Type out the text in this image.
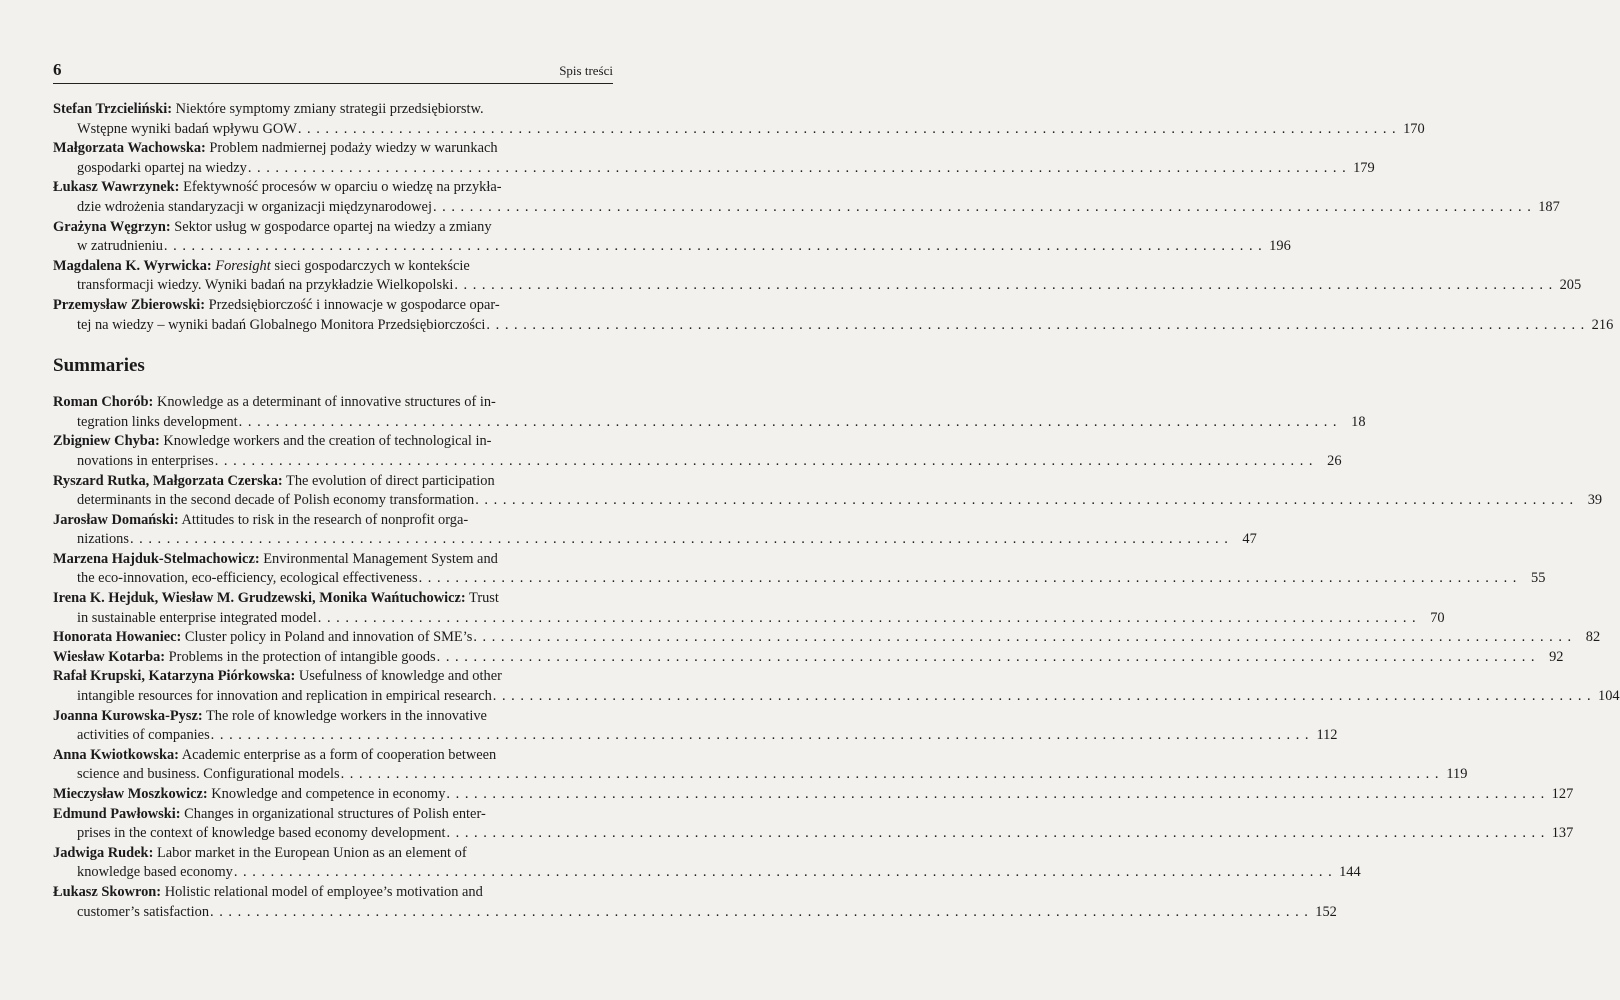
6	Spis treści
Stefan Trzcieliński: Niektóre symptomy zmiany strategii przedsiębiorstw.
Wstępne wyniki badań wpływu GOW . . . . . . . . . . . . . . . . . . . . . . . . . . . . . . . . . . . . . . . . . . . . . . . . . . . . . . . . . . . . . . . . . . . . . . . . . . . . . . . . . . . . . . . . . . . . . . . . . . . . . . . . . . . . . . . . . . . . . . . . 170
Małgorzata Wachowska: Problem nadmiernej podaży wiedzy w warunkach
gospodarki opartej na wiedzy . . . . . . . . . . . . . . . . . . . . . . . . . . . . . . . . . . . . . . . . . . . . . . . . . . . . . . . . . . . . . . . . . . . . . . . . . . . . . . . . . . . . . . . . . . . . . . . . . . . . . . . . . . . . . . . . . . . . . . . . 179
Łukasz Wawrzynek: Efektywność procesów w oparciu o wiedzę na przykła-
dzie wdrożenia standaryzacji w organizacji międzynarodowej . . . . . . . . . . . . . . . . . . . . . . . . . . . . . . . . . . . . . . . . . . . . . . . . . . . . . . . . . . . . . . . . . . . . . . . . . . . . . . . . . . . . . . . . . . . . . . . . . . . . . . . . . . . . . . . . . . . . . . . . 187
Grażyna Węgrzyn: Sektor usług w gospodarce opartej na wiedzy a zmiany
w zatrudnieniu . . . . . . . . . . . . . . . . . . . . . . . . . . . . . . . . . . . . . . . . . . . . . . . . . . . . . . . . . . . . . . . . . . . . . . . . . . . . . . . . . . . . . . . . . . . . . . . . . . . . . . . . . . . . . . . . . . . . . . . . 196
Magdalena K. Wyrwicka: Foresight sieci gospodarczych w kontekście
transformacji wiedzy. Wyniki badań na przykładzie Wielkopolski . . . . . . . . . . . . . . . . . . . . . . . . . . . . . . . . . . . . . . . . . . . . . . . . . . . . . . . . . . . . . . . . . . . . . . . . . . . . . . . . . . . . . . . . . . . . . . . . . . . . . . . . . . . . . . . . . . . . . . . . 205
Przemysław Zbierowski: Przedsiębiorczość i innowacje w gospodarce opar-
tej na wiedzy – wyniki badań Globalnego Monitora Przedsiębiorczości . . . . . . . . . . . . . . . . . . . . . . . . . . . . . . . . . . . . . . . . . . . . . . . . . . . . . . . . . . . . . . . . . . . . . . . . . . . . . . . . . . . . . . . . . . . . . . . . . . . . . . . . . . . . . . . . . . . . . . . . 216
Summaries
Roman Chorób: Knowledge as a determinant of innovative structures of in-
tegration links development . . . . . . . . . . . . . . . . . . . . . . . . . . . . . . . . . . . . . . . . . . . . . . . . . . . . . . . . . . . . . . . . . . . . . . . . . . . . . . . . . . . . . . . . . . . . . . . . . . . . . . . . . . . . . . . . . . . . . . . . 18
Zbigniew Chyba: Knowledge workers and the creation of technological in-
novations in enterprises . . . . . . . . . . . . . . . . . . . . . . . . . . . . . . . . . . . . . . . . . . . . . . . . . . . . . . . . . . . . . . . . . . . . . . . . . . . . . . . . . . . . . . . . . . . . . . . . . . . . . . . . . . . . . . . . . . . . . . . . 26
Ryszard Rutka, Małgorzata Czerska: The evolution of direct participation
determinants in the second decade of Polish economy transformation . . . . . . . . . . . . . . . . . . . . . . . . . . . . . . . . . . . . . . . . . . . . . . . . . . . . . . . . . . . . . . . . . . . . . . . . . . . . . . . . . . . . . . . . . . . . . . . . . . . . . . . . . . . . . . . . . . . . . . . . 39
Jarosław Domański: Attitudes to risk in the research of nonprofit orga-
nizations . . . . . . . . . . . . . . . . . . . . . . . . . . . . . . . . . . . . . . . . . . . . . . . . . . . . . . . . . . . . . . . . . . . . . . . . . . . . . . . . . . . . . . . . . . . . . . . . . . . . . . . . . . . . . . . . . . . . . . . . 47
Marzena Hajduk-Stelmachowicz: Environmental Management System and
the eco-innovation, eco-efficiency, ecological effectiveness . . . . . . . . . . . . . . . . . . . . . . . . . . . . . . . . . . . . . . . . . . . . . . . . . . . . . . . . . . . . . . . . . . . . . . . . . . . . . . . . . . . . . . . . . . . . . . . . . . . . . . . . . . . . . . . . . . . . . . . . 55
Irena K. Hejduk, Wiesław M. Grudzewski, Monika Wańtuchowicz: Trust
in sustainable enterprise integrated model . . . . . . . . . . . . . . . . . . . . . . . . . . . . . . . . . . . . . . . . . . . . . . . . . . . . . . . . . . . . . . . . . . . . . . . . . . . . . . . . . . . . . . . . . . . . . . . . . . . . . . . . . . . . . . . . . . . . . . . . 70
Honorata Howaniec: Cluster policy in Poland and innovation of SME’s . . . . . . . . . . . . . . . . . . . . . . . . . . . . . . . . . . . . . . . . . . . . . . . . . . . . . . . . . . . . . . . . . . . . . . . . . . . . . . . . . . . . . . . . . . . . . . . . . . . . . . . . . . . . . . . . . . . . . . . . 82
Wiesław Kotarba: Problems in the protection of intangible goods . . . . . . . . . . . . . . . . . . . . . . . . . . . . . . . . . . . . . . . . . . . . . . . . . . . . . . . . . . . . . . . . . . . . . . . . . . . . . . . . . . . . . . . . . . . . . . . . . . . . . . . . . . . . . . . . . . . . . . . . 92
Rafał Krupski, Katarzyna Piórkowska: Usefulness of knowledge and other
intangible resources for innovation and replication in empirical research . . . . . . . . . . . . . . . . . . . . . . . . . . . . . . . . . . . . . . . . . . . . . . . . . . . . . . . . . . . . . . . . . . . . . . . . . . . . . . . . . . . . . . . . . . . . . . . . . . . . . . . . . . . . . . . . . . . . . . . . 104
Joanna Kurowska-Pysz: The role of knowledge workers in the innovative
activities of companies . . . . . . . . . . . . . . . . . . . . . . . . . . . . . . . . . . . . . . . . . . . . . . . . . . . . . . . . . . . . . . . . . . . . . . . . . . . . . . . . . . . . . . . . . . . . . . . . . . . . . . . . . . . . . . . . . . . . . . . . 112
Anna Kwiotkowska: Academic enterprise as a form of cooperation between
science and business. Configurational models . . . . . . . . . . . . . . . . . . . . . . . . . . . . . . . . . . . . . . . . . . . . . . . . . . . . . . . . . . . . . . . . . . . . . . . . . . . . . . . . . . . . . . . . . . . . . . . . . . . . . . . . . . . . . . . . . . . . . . . . 119
Mieczysław Moszkowicz: Knowledge and competence in economy . . . . . . . . . . . . . . . . . . . . . . . . . . . . . . . . . . . . . . . . . . . . . . . . . . . . . . . . . . . . . . . . . . . . . . . . . . . . . . . . . . . . . . . . . . . . . . . . . . . . . . . . . . . . . . . . . . . . . . . . 127
Edmund Pawłowski: Changes in organizational structures of Polish enter-
prises in the context of knowledge based economy development . . . . . . . . . . . . . . . . . . . . . . . . . . . . . . . . . . . . . . . . . . . . . . . . . . . . . . . . . . . . . . . . . . . . . . . . . . . . . . . . . . . . . . . . . . . . . . . . . . . . . . . . . . . . . . . . . . . . . . . . 137
Jadwiga Rudek: Labor market in the European Union as an element of
knowledge based economy . . . . . . . . . . . . . . . . . . . . . . . . . . . . . . . . . . . . . . . . . . . . . . . . . . . . . . . . . . . . . . . . . . . . . . . . . . . . . . . . . . . . . . . . . . . . . . . . . . . . . . . . . . . . . . . . . . . . . . . . 144
Łukasz Skowron: Holistic relational model of employee’s motivation and
customer’s satisfaction . . . . . . . . . . . . . . . . . . . . . . . . . . . . . . . . . . . . . . . . . . . . . . . . . . . . . . . . . . . . . . . . . . . . . . . . . . . . . . . . . . . . . . . . . . . . . . . . . . . . . . . . . . . . . . . . . . . . . . . . 152
